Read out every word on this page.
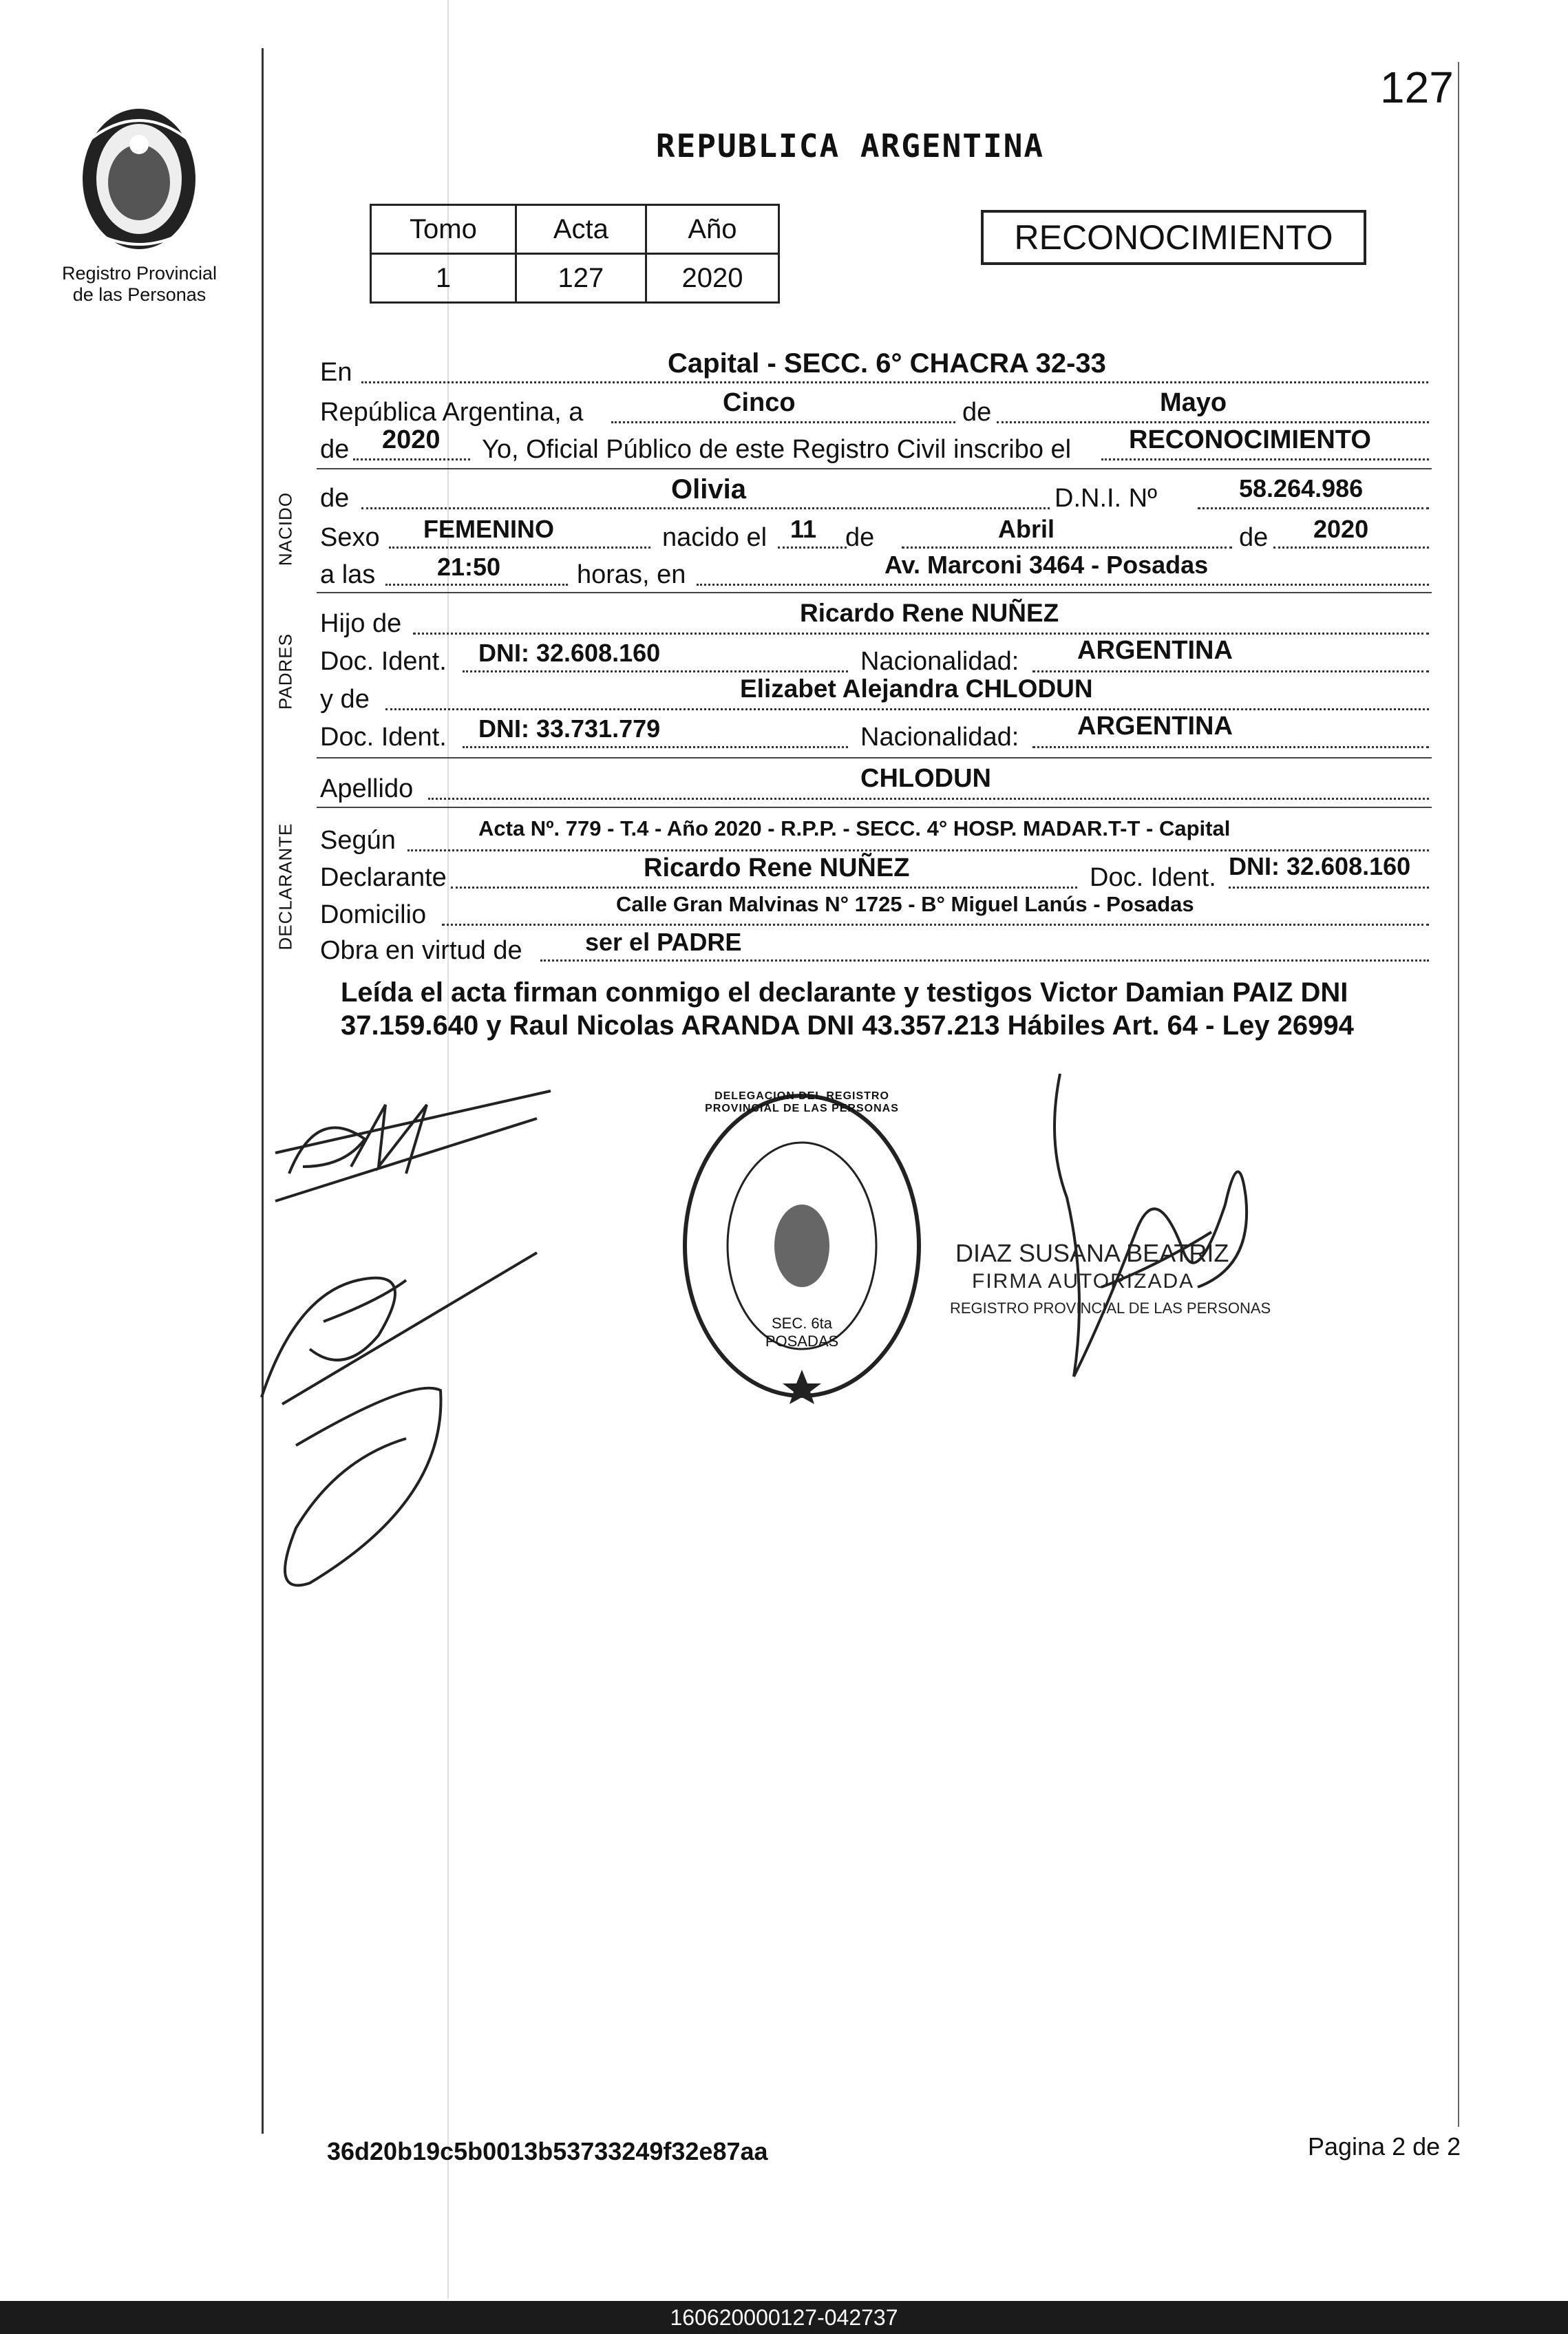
127
Registro Provincial
de las Personas
REPUBLICA ARGENTINA
Tomo	Acta	Año
1	127	2020
RECONOCIMIENTO
NACIDO
PADRES
DECLARANTE
En	Capital - SECC. 6° CHACRA 32-33
República Argentina, a	Cinco	de	Mayo
de 2020 Yo, Oficial Público de este Registro Civil inscribo el RECONOCIMIENTO
de	Olivia	D.N.I. Nº	58.264.986
Sexo FEMENINO	nacido el 11 de	Abril	de 2020
a las 21:50	horas, en	Av. Marconi 3464 - Posadas
Hijo de	Ricardo Rene NUÑEZ
Doc. Ident. DNI: 32.608.160	Nacionalidad: ARGENTINA
y de	Elizabet Alejandra CHLODUN
Doc. Ident. DNI: 33.731.779	Nacionalidad: ARGENTINA
Apellido	CHLODUN
Según	Acta Nº. 779 - T.4 - Año 2020 - R.P.P. - SECC. 4° HOSP. MADAR.T-T - Capital
Declarante	Ricardo Rene NUÑEZ	Doc. Ident. DNI: 32.608.160
Domicilio	Calle Gran Malvinas N° 1725 - B° Miguel Lanús - Posadas
Obra en virtud de	ser el PADRE
Leída el acta firman conmigo el declarante y testigos Victor Damian PAIZ DNI
37.159.640 y Raul Nicolas ARANDA DNI 43.357.213 Hábiles Art. 64 - Ley 26994
DELEGACION DEL REGISTRO PROVINCIAL DE LAS PERSONAS
SEC. 6ta POSADAS
DIAZ SUSANA BEATRIZ
FIRMA AUTORIZADA
REGISTRO PROVINCIAL DE LAS PERSONAS
36d20b19c5b0013b53733249f32e87aa	Pagina 2 de 2
160620000127-042737
